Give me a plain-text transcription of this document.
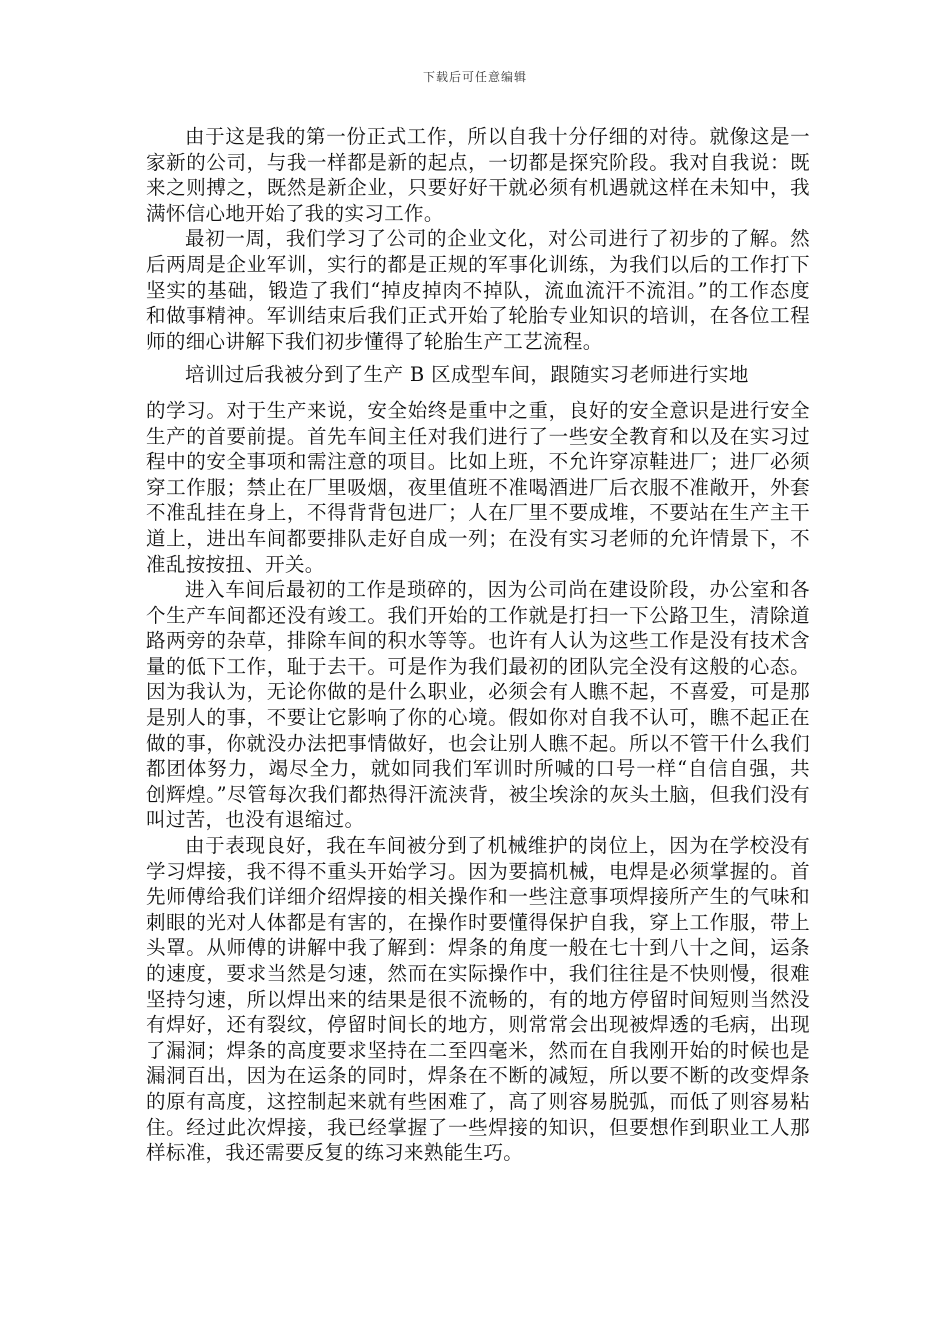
下载后可任意编辑

由于这是我的第一份正式工作，所以自我十分仔细的对待。就像这是一家新的公司，与我一样都是新的起点，一切都是探究阶段。我对自我说：既来之则搏之，既然是新企业，只要好好干就必须有机遇就这样在未知中，我满怀信心地开始了我的实习工作。

最初一周，我们学习了公司的企业文化，对公司进行了初步的了解。然后两周是企业军训，实行的都是正规的军事化训练，为我们以后的工作打下坚实的基础，锻造了我们“掉皮掉肉不掉队，流血流汗不流泪。”的工作态度和做事精神。军训结束后我们正式开始了轮胎专业知识的培训，在各位工程师的细心讲解下我们初步懂得了轮胎生产工艺流程。

培训过后我被分到了生产 B 区成型车间，跟随实习老师进行实地

的学习。对于生产来说，安全始终是重中之重，良好的安全意识是进行安全生产的首要前提。首先车间主任对我们进行了一些安全教育和以及在实习过程中的安全事项和需注意的项目。比如上班，不允许穿凉鞋进厂；进厂必须穿工作服；禁止在厂里吸烟，夜里值班不准喝酒进厂后衣服不准敞开，外套不准乱挂在身上，不得背背包进厂；人在厂里不要成堆，不要站在生产主干道上，进出车间都要排队走好自成一列；在没有实习老师的允许情景下，不准乱按按扭、开关。

进入车间后最初的工作是琐碎的，因为公司尚在建设阶段，办公室和各个生产车间都还没有竣工。我们开始的工作就是打扫一下公路卫生，清除道路两旁的杂草，排除车间的积水等等。也许有人认为这些工作是没有技术含量的低下工作，耻于去干。可是作为我们最初的团队完全没有这般的心态。因为我认为，无论你做的是什么职业，必须会有人瞧不起，不喜爱，可是那是别人的事，不要让它影响了你的心境。假如你对自我不认可，瞧不起正在做的事，你就没办法把事情做好，也会让别人瞧不起。所以不管干什么我们都团体努力，竭尽全力，就如同我们军训时所喊的口号一样“自信自强，共创辉煌。”尽管每次我们都热得汗流浃背，被尘埃涂的灰头土脑，但我们没有叫过苦，也没有退缩过。

由于表现良好，我在车间被分到了机械维护的岗位上，因为在学校没有学习焊接，我不得不重头开始学习。因为要搞机械，电焊是必须掌握的。首先师傅给我们详细介绍焊接的相关操作和一些注意事项焊接所产生的气味和刺眼的光对人体都是有害的，在操作时要懂得保护自我，穿上工作服，带上头罩。从师傅的讲解中我了解到：焊条的角度一般在七十到八十之间，运条的速度，要求当然是匀速，然而在实际操作中，我们往往是不快则慢，很难坚持匀速，所以焊出来的结果是很不流畅的，有的地方停留时间短则当然没有焊好，还有裂纹，停留时间长的地方，则常常会出现被焊透的毛病，出现了漏洞；焊条的高度要求坚持在二至四毫米，然而在自我刚开始的时候也是漏洞百出，因为在运条的同时，焊条在不断的减短，所以要不断的改变焊条的原有高度，这控制起来就有些困难了，高了则容易脱弧，而低了则容易粘住。经过此次焊接，我已经掌握了一些焊接的知识，但要想作到职业工人那样标准，我还需要反复的练习来熟能生巧。
